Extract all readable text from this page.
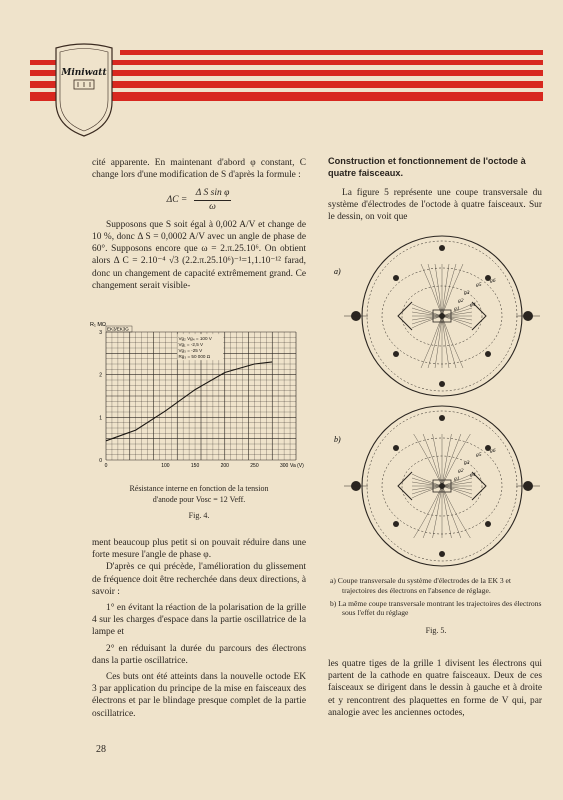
Miniwatt

cité apparente. En maintenant d'abord φ constant, C change lors d'une modification de S d'après la formule :

$\Delta C = \frac{\text{Δ S sin φ}}{\omega}$

Supposons que S soit égal à 0,002 A/V et change de 10 %, donc Δ S = 0,0002 A/V avec un angle de phase de 60°. Supposons encore que ω = 2.π.25.10⁶. On obtient alors Δ C = 2.10⁻⁴ √3 (2.2.π.25.10⁶)⁻¹=1,1.10⁻¹² farad, donc un changement de capacité extrêmement grand. Ce changement serait visible-

R₁ MΩ
EK3/EK3G
Vg₂ Vg₄ = 100 V
Vg₁ = -2,5 V
Vg₃ = -25 V
Rg₃ = 50 000 Ω
0	100	150	200	250	300 Va (V)
0
1
2
3
Résistance interne en fonction de la tension
d'anode pour Vosc = 12 Veff.
Fig. 4.

ment beaucoup plus petit si on pouvait réduire dans une forte mesure l'angle de phase φ.

D'après ce qui précède, l'amélioration du glissement de fréquence doit être recherchée dans deux directions, à savoir :

1° en évitant la réaction de la polarisation de la grille 4 sur les charges d'espace dans la partie oscillatrice de la lampe et

2° en réduisant la durée du parcours des électrons dans la partie oscillatrice.

Ces buts ont été atteints dans la nouvelle octode EK 3 par application du principe de la mise en faisceaux des électrons et par le blindage presque complet de la partie oscillatrice.

Construction et fonctionnement de l'octode à quatre faisceaux.

La figure 5 représente une coupe transversale du système d'électrodes de l'octode à quatre faisceaux. Sur le dessin, on voit que

a)
b)
g1
g2
g3
g4
g5
g6
g1
g2
g3
g4
g5
g6
a) Coupe transversale du système d'électrodes de la EK 3 et trajectoires des électrons en l'absence de réglage.
b) La même coupe transversale montrant les trajectoires des électrons sous l'effet du réglage
Fig. 5.

les quatre tiges de la grille 1 divisent les électrons qui partent de la cathode en quatre faisceaux. Deux de ces faisceaux se dirigent dans le dessin à gauche et à droite et y rencontrent des plaquettes en forme de V qui, par analogie avec les anciennes octodes,

28
